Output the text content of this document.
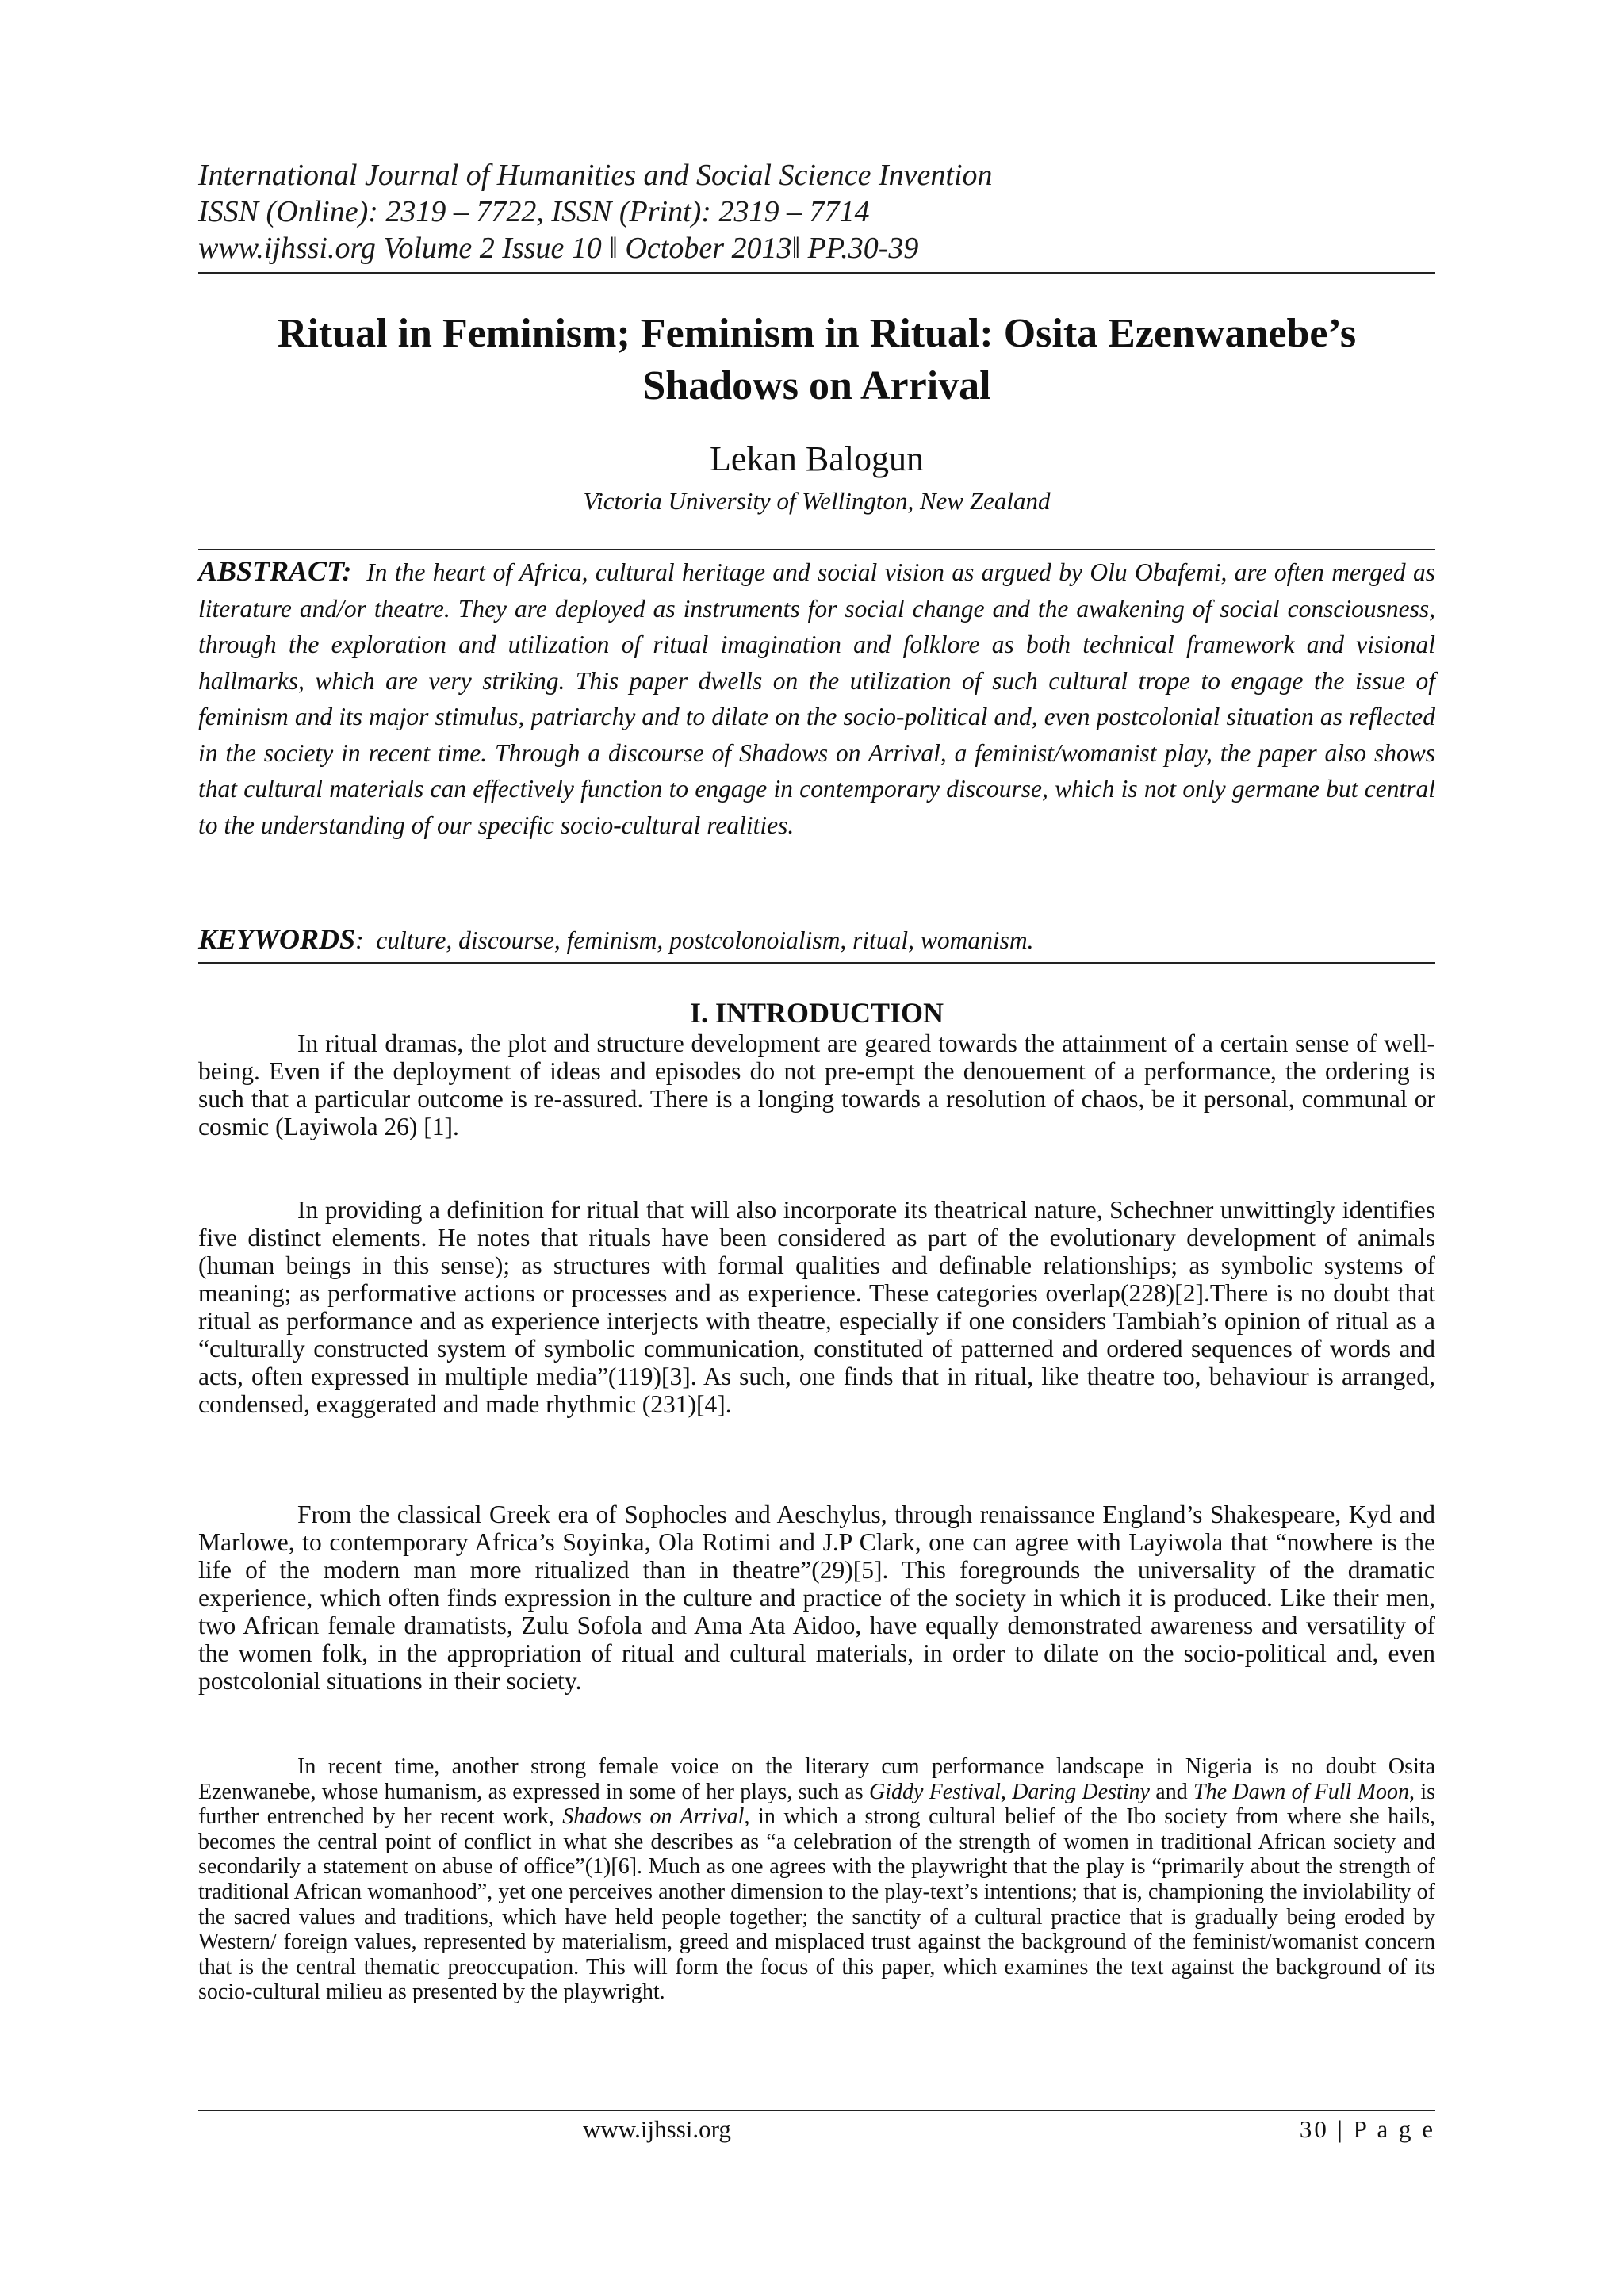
International Journal of Humanities and Social Science Invention
ISSN (Online): 2319 – 7722, ISSN (Print): 2319 – 7714
www.ijhssi.org Volume 2 Issue 10 ǁ October 2013ǁ PP.30-39
Ritual in Feminism; Feminism in Ritual: Osita Ezenwanebe’s
Shadows on Arrival
Lekan Balogun
Victoria University of Wellington, New Zealand
ABSTRACT: In the heart of Africa, cultural heritage and social vision as argued by Olu Obafemi, are often merged as literature and/or theatre. They are deployed as instruments for social change and the awakening of social consciousness, through the exploration and utilization of ritual imagination and folklore as both technical framework and visional hallmarks, which are very striking. This paper dwells on the utilization of such cultural trope to engage the issue of feminism and its major stimulus, patriarchy and to dilate on the socio-political and, even postcolonial situation as reflected in the society in recent time. Through a discourse of Shadows on Arrival, a feminist/womanist play, the paper also shows that cultural materials can effectively function to engage in contemporary discourse, which is not only germane but central to the understanding of our specific socio-cultural realities.
KEYWORDS: culture, discourse, feminism, postcolonoialism, ritual, womanism.
I. INTRODUCTION
In ritual dramas, the plot and structure development are geared towards the attainment of a certain sense of well-being. Even if the deployment of ideas and episodes do not pre-empt the denouement of a performance, the ordering is such that a particular outcome is re-assured. There is a longing towards a resolution of chaos, be it personal, communal or cosmic (Layiwola 26) [1].
In providing a definition for ritual that will also incorporate its theatrical nature, Schechner unwittingly identifies five distinct elements. He notes that rituals have been considered as part of the evolutionary development of animals (human beings in this sense); as structures with formal qualities and definable relationships; as symbolic systems of meaning; as performative actions or processes and as experience. These categories overlap(228)[2].There is no doubt that ritual as performance and as experience interjects with theatre, especially if one considers Tambiah’s opinion of ritual as a “culturally constructed system of symbolic communication, constituted of patterned and ordered sequences of words and acts, often expressed in multiple media”(119)[3]. As such, one finds that in ritual, like theatre too, behaviour is arranged, condensed, exaggerated and made rhythmic (231)[4].
From the classical Greek era of Sophocles and Aeschylus, through renaissance England’s Shakespeare, Kyd and Marlowe, to contemporary Africa’s Soyinka, Ola Rotimi and J.P Clark, one can agree with Layiwola that “nowhere is the life of the modern man more ritualized than in theatre”(29)[5]. This foregrounds the universality of the dramatic experience, which often finds expression in the culture and practice of the society in which it is produced. Like their men, two African female dramatists, Zulu Sofola and Ama Ata Aidoo, have equally demonstrated awareness and versatility of the women folk, in the appropriation of ritual and cultural materials, in order to dilate on the socio-political and, even postcolonial situations in their society.
In recent time, another strong female voice on the literary cum performance landscape in Nigeria is no doubt Osita Ezenwanebe, whose humanism, as expressed in some of her plays, such as Giddy Festival, Daring Destiny and The Dawn of Full Moon, is further entrenched by her recent work, Shadows on Arrival, in which a strong cultural belief of the Ibo society from where she hails, becomes the central point of conflict in what she describes as “a celebration of the strength of women in traditional African society and secondarily a statement on abuse of office”(1)[6]. Much as one agrees with the playwright that the play is “primarily about the strength of traditional African womanhood”, yet one perceives another dimension to the play-text’s intentions; that is, championing the inviolability of the sacred values and traditions, which have held people together; the sanctity of a cultural practice that is gradually being eroded by Western/ foreign values, represented by materialism, greed and misplaced trust against the background of the feminist/womanist concern that is the central thematic preoccupation. This will form the focus of this paper, which examines the text against the background of its socio-cultural milieu as presented by the playwright.
www.ijhssi.org	30 | P a g e
